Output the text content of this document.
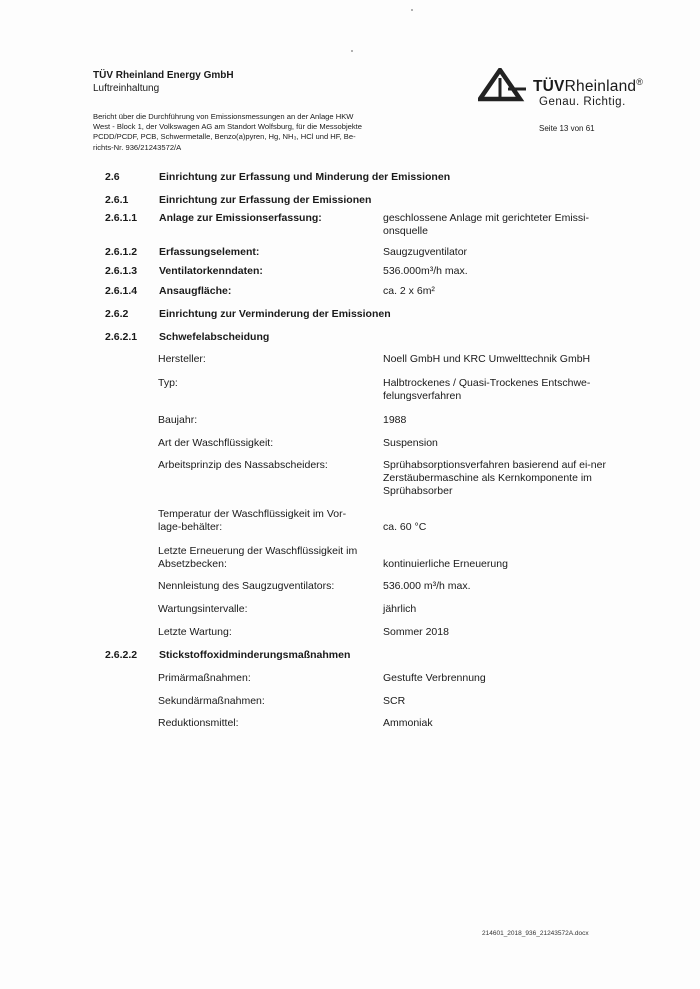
TÜV Rheinland Energy GmbH
Luftreinhaltung
Bericht über die Durchführung von Emissionsmessungen an der Anlage HKW
West - Block 1, der Volkswagen AG am Standort Wolfsburg, für die Messobjekte
PCDD/PCDF, PCB, Schwermetalle, Benzo(a)pyren, Hg, NH₃, HCl und HF, Be-
richts-Nr. 936/21243572/A
TÜVRheinland®
Genau. Richtig.
Seite 13 von 61
2.6	Einrichtung zur Erfassung und Minderung der Emissionen
2.6.1	Einrichtung zur Erfassung der Emissionen
2.6.1.1 Anlage zur Emissionserfassung:	geschlossene Anlage mit gerichteter Emissi-onsquelle
2.6.1.2 Erfassungselement:	Saugzugventilator
2.6.1.3 Ventilatorkenndaten:	536.000m³/h max.
2.6.1.4 Ansaugfläche:	ca. 2 x 6m²
2.6.2	Einrichtung zur Verminderung der Emissionen
2.6.2.1 Schwefelabscheidung
Hersteller:	Noell GmbH und KRC Umwelttechnik GmbH
Typ:	Halbtrockenes / Quasi-Trockenes Entschwe-felungsverfahren
Baujahr:	1988
Art der Waschflüssigkeit:	Suspension
Arbeitsprinzip des Nassabscheiders:	Sprühabsorptionsverfahren basierend auf ei-ner Zerstäubermaschine als Kernkomponente im Sprühabsorber
Temperatur der Waschflüssigkeit im Vor-lage-behälter:	ca. 60 °C
Letzte Erneuerung der Waschflüssigkeit im Absetzbecken:	kontinuierliche Erneuerung
Nennleistung des Saugzugventilators:	536.000 m³/h max.
Wartungsintervalle:	jährlich
Letzte Wartung:	Sommer 2018
2.6.2.2 Stickstoffoxidminderungsmaßnahmen
Primärmaßnahmen:	Gestufte Verbrennung
Sekundärmaßnahmen:	SCR
Reduktionsmittel:	Ammoniak
214601_2018_936_21243572A.docx
